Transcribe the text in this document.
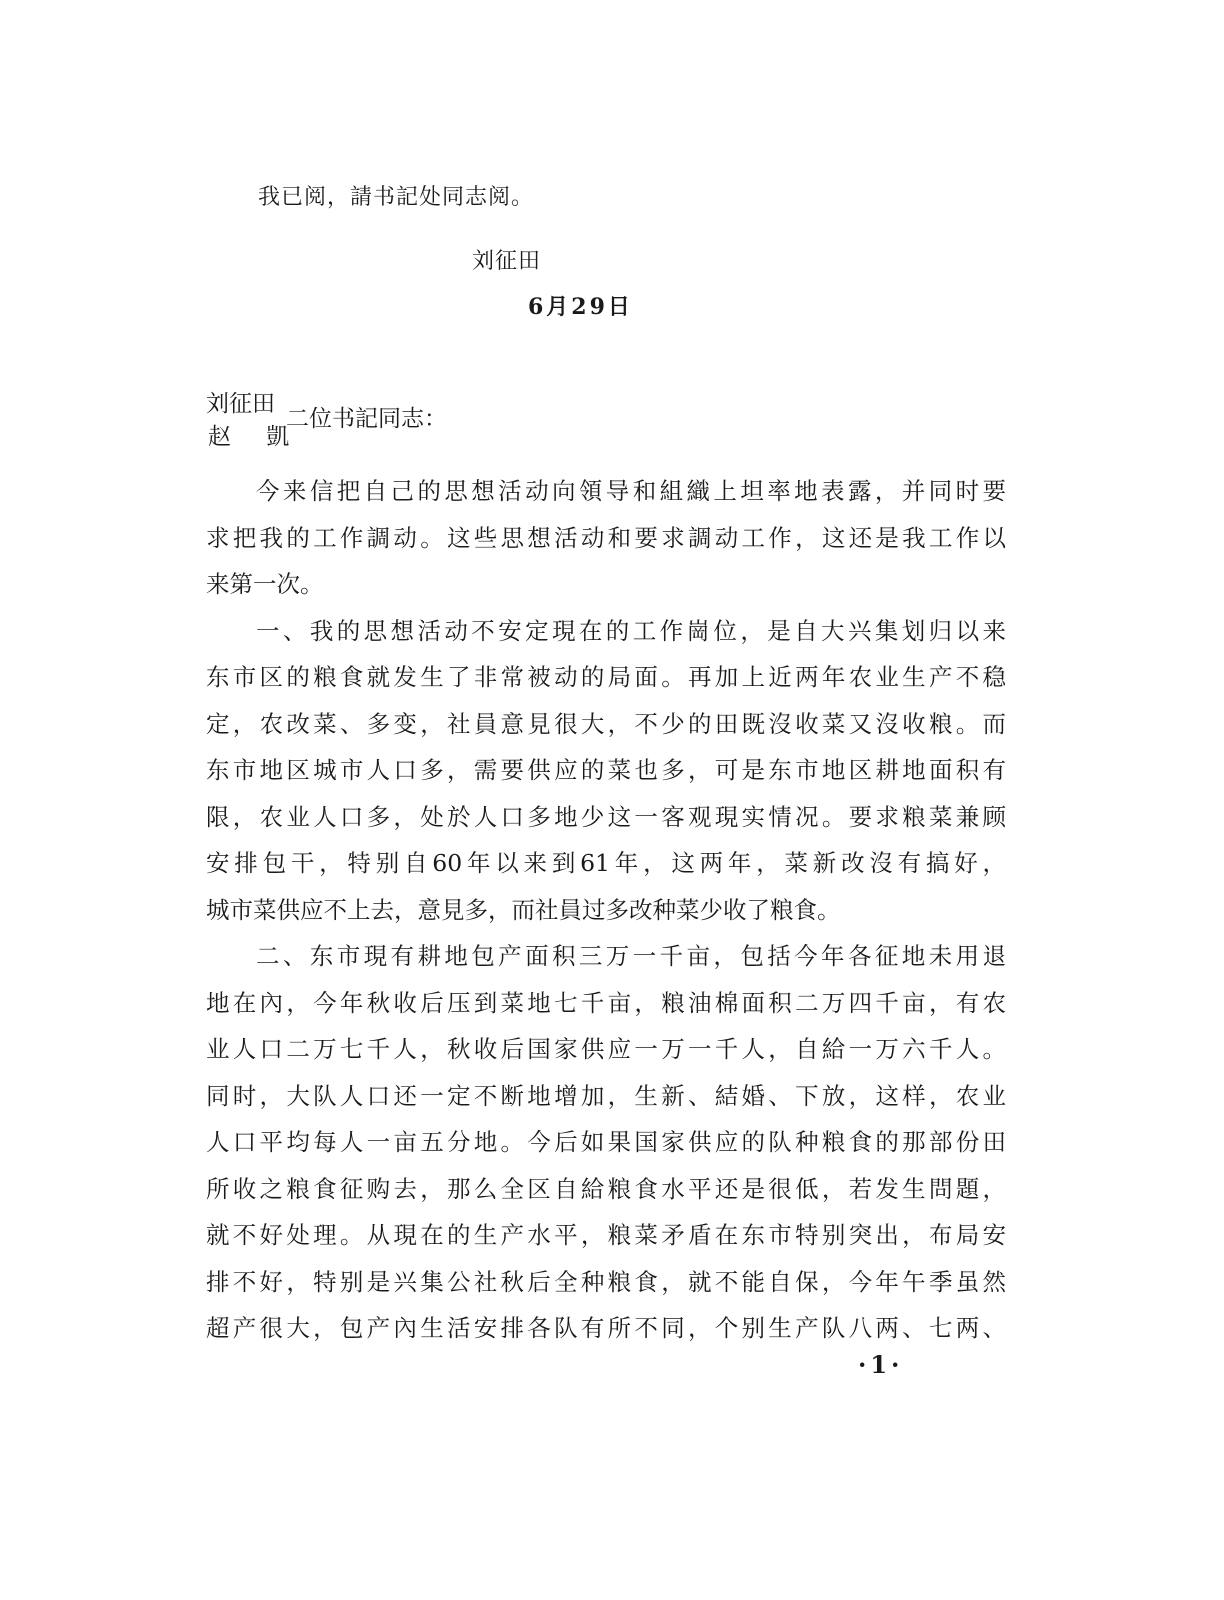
我已阅，請书記处同志阅。
刘征田
6月29日
刘征田
赵 凱
二位书記同志：
今来信把自己的思想活动向領导和組織上坦率地表露，并同时要
求把我的工作調动。这些思想活动和要求調动工作，这还是我工作以
来第一次。
一、我的思想活动不安定現在的工作崗位，是自大兴集划归以来
东市区的粮食就发生了非常被动的局面。再加上近两年农业生产不稳
定，农改菜、多变，社員意見很大，不少的田既沒收菜又沒收粮。而
东市地区城市人口多，需要供应的菜也多，可是东市地区耕地面积有
限，农业人口多，处於人口多地少这一客观現实情况。要求粮菜兼顾
安排包干，特别自60年以来到61年，这两年，菜新改沒有搞好，
城市菜供应不上去，意見多，而社員过多改种菜少收了粮食。
二、东市現有耕地包产面积三万一千亩，包括今年各征地未用退
地在內，今年秋收后压到菜地七千亩，粮油棉面积二万四千亩，有农
业人口二万七千人，秋收后国家供应一万一千人，自給一万六千人。
同时，大队人口还一定不断地增加，生新、結婚、下放，这样，农业
人口平均每人一亩五分地。今后如果国家供应的队种粮食的那部份田
所收之粮食征购去，那么全区自給粮食水平还是很低，若发生問題，
就不好处理。从現在的生产水平，粮菜矛盾在东市特别突出，布局安
排不好，特别是兴集公社秋后全种粮食，就不能自保，今年午季虽然
超产很大，包产內生活安排各队有所不同，个别生产队八两、七两、
·1·
